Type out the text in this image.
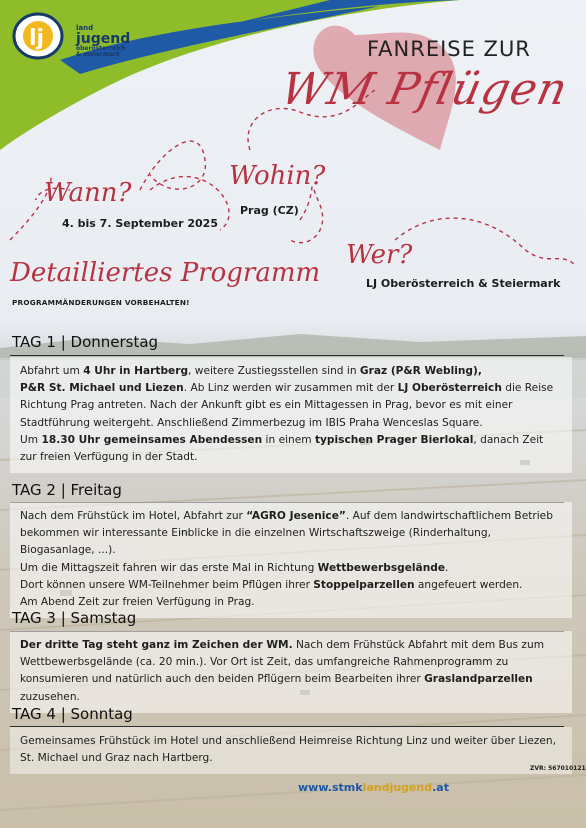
lj	land
jugend
oberösterreich
& steiermark	FANREISE ZUR
WM Pflügen
Wann?
4. bis 7. September 2025
Wohin?
Prag (CZ)
Wer?
LJ Oberösterreich & Steiermark
Detailliertes Programm
PROGRAMMÄNDERUNGEN VORBEHALTEN!
TAG 1 | Donnerstag

Abfahrt um 4 Uhr in Hartberg, weitere Zustiegsstellen sind in Graz (P&R Webling),

P&R St. Michael und Liezen. Ab Linz werden wir zusammen mit der LJ Oberösterreich die Reise Richtung Prag antreten. Nach der Ankunft gibt es ein Mittagessen in Prag, bevor es mit einer Stadtführung weitergeht. Anschließend Zimmerbezug im IBIS Praha Wenceslas Square.

Um 18.30 Uhr gemeinsames Abendessen in einem typischen Prager Bierlokal, danach Zeit zur freien Verfügung in der Stadt.

TAG 2 | Freitag

Nach dem Frühstück im Hotel, Abfahrt zur “AGRO Jesenice”. Auf dem landwirtschaftlichem Betrieb bekommen wir interessante Einblicke in die einzelnen Wirtschaftszweige (Rinderhaltung, Biogasanlage, ...).

Um die Mittagszeit fahren wir das erste Mal in Richtung Wettbewerbsgelände.

Dort können unsere WM-Teilnehmer beim Pflügen ihrer Stoppelparzellen angefeuert werden.

Am Abend Zeit zur freien Verfügung in Prag.

TAG 3 | Samstag

Der dritte Tag steht ganz im Zeichen der WM. Nach dem Frühstück Abfahrt mit dem Bus zum Wettbewerbsgelände (ca. 20 min.). Vor Ort ist Zeit, das umfangreiche Rahmenprogramm zu konsumieren und natürlich auch den beiden Pflügern beim Bearbeiten ihrer Graslandparzellen zuzusehen.

TAG 4 | Sonntag

Gemeinsames Frühstück im Hotel und anschließend Heimreise Richtung Linz und weiter über Liezen, St. Michael und Graz nach Hartberg.

ZVR: 567010121
www.stmklandjugend.at
